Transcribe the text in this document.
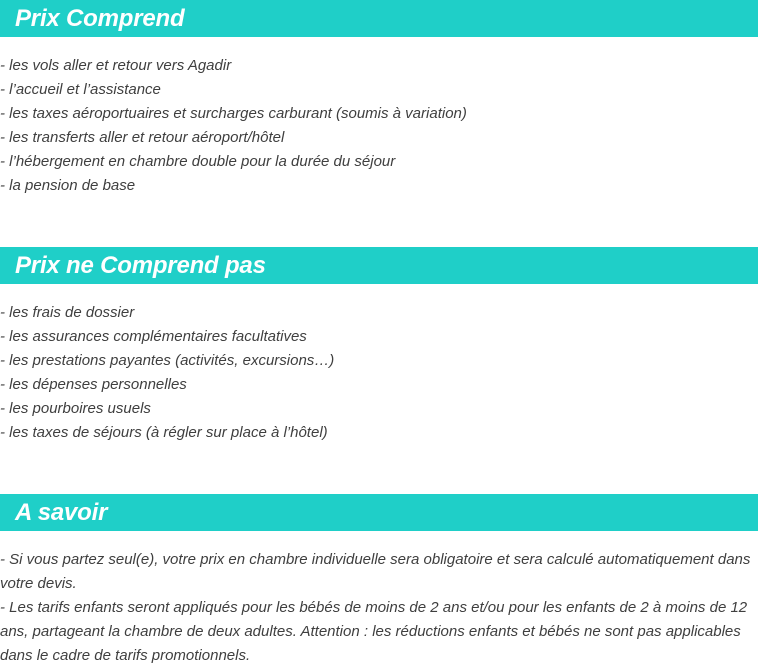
Prix Comprend
- les vols aller et retour vers Agadir
- l’accueil et l’assistance
- les taxes aéroportuaires et surcharges carburant (soumis à variation)
- les transferts aller et retour aéroport/hôtel
- l’hébergement en chambre double pour la durée du séjour
- la pension de base
Prix ne Comprend pas
- les frais de dossier
- les assurances complémentaires facultatives
- les prestations payantes (activités, excursions…)
- les dépenses personnelles
- les pourboires usuels
- les taxes de séjours (à régler sur place à l’hôtel)
A savoir
- Si vous partez seul(e), votre prix en chambre individuelle sera obligatoire et sera calculé automatiquement dans votre devis.
- Les tarifs enfants seront appliqués pour les bébés de moins de 2 ans et/ou pour les enfants de 2 à moins de 12 ans, partageant la chambre de deux adultes. Attention : les réductions enfants et bébés ne sont pas applicables dans le cadre de tarifs promotionnels.
